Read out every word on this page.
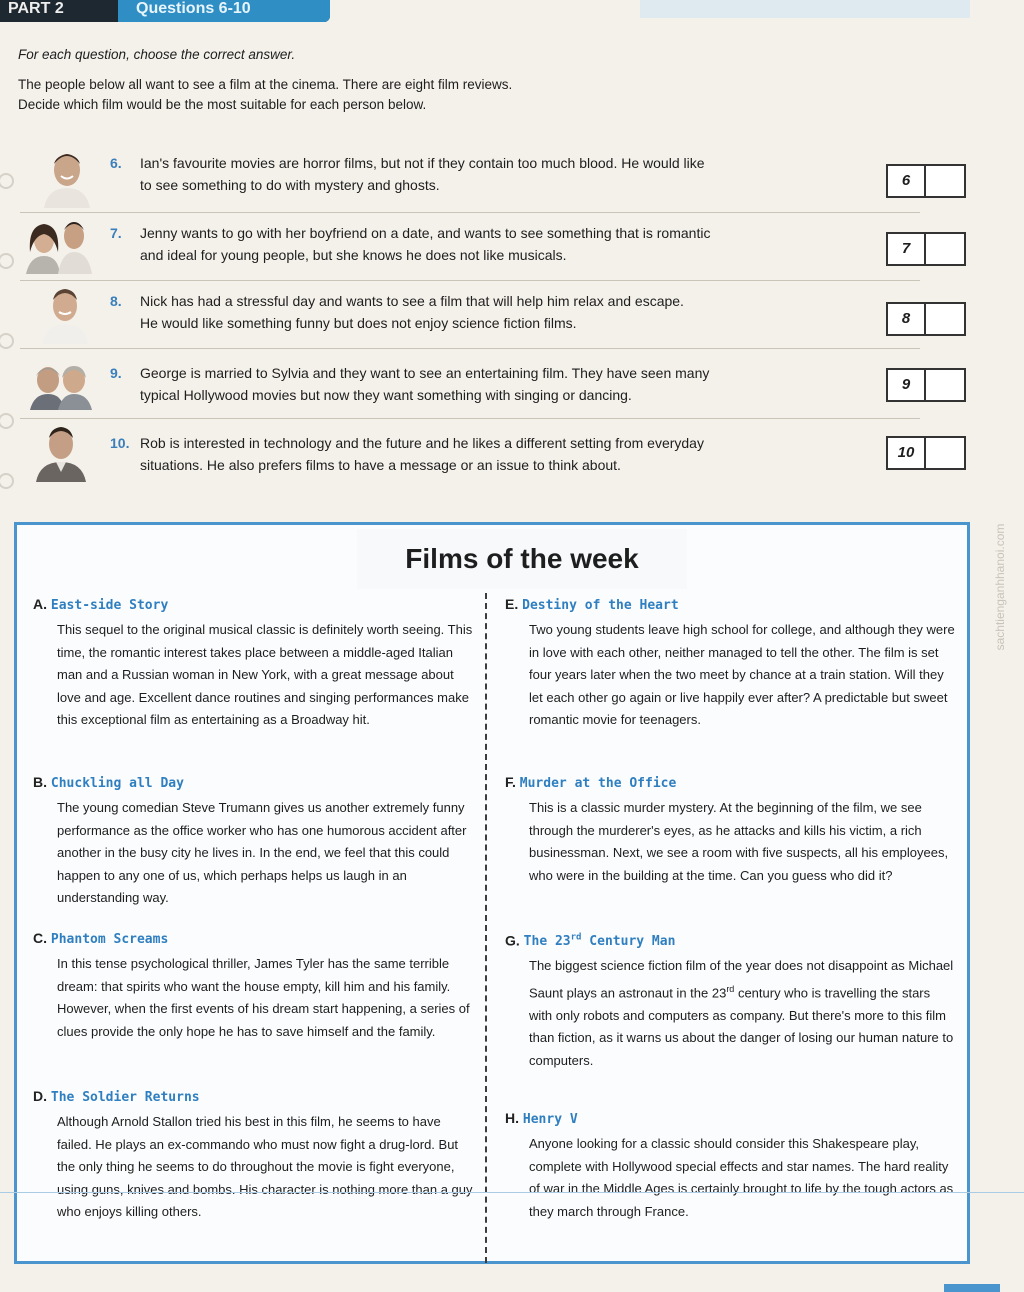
PART 2	Questions 6-10
For each question, choose the correct answer.
The people below all want to see a film at the cinema. There are eight film reviews.
Decide which film would be the most suitable for each person below.
6. Ian's favourite movies are horror films, but not if they contain too much blood. He would like
to see something to do with mystery and ghosts.	6
7. Jenny wants to go with her boyfriend on a date, and wants to see something that is romantic
and ideal for young people, but she knows he does not like musicals.	7
8. Nick has had a stressful day and wants to see a film that will help him relax and escape.
He would like something funny but does not enjoy science fiction films.	8
9. George is married to Sylvia and they want to see an entertaining film. They have seen many
typical Hollywood movies but now they want something with singing or dancing.
9
10. Rob is interested in technology and the future and he likes a different setting from everyday
situations. He also prefers films to have a message or an issue to think about.
10
Films of the week
A. East-side Story
This sequel to the original musical classic is definitely worth seeing. This time, the romantic interest takes place between a middle-aged Italian man and a Russian woman in New York, with a great message about love and age. Excellent dance routines and singing performances make this exceptional film as entertaining as a Broadway hit.
B. Chuckling all Day
The young comedian Steve Trumann gives us another extremely funny performance as the office worker who has one humorous accident after another in the busy city he lives in. In the end, we feel that this could happen to any one of us, which perhaps helps us laugh in an understanding way.
C. Phantom Screams
In this tense psychological thriller, James Tyler has the same terrible dream: that spirits who want the house empty, kill him and his family. However, when the first events of his dream start happening, a series of clues provide the only hope he has to save himself and the family.
D. The Soldier Returns
Although Arnold Stallon tried his best in this film, he seems to have failed. He plays an ex-commando who must now fight a drug-lord. But the only thing he seems to do throughout the movie is fight everyone, using guns, knives and bombs. His character is nothing more than a guy who enjoys killing others.
E. Destiny of the Heart
Two young students leave high school for college, and although they were in love with each other, neither managed to tell the other. The film is set four years later when the two meet by chance at a train station. Will they let each other go again or live happily ever after? A predictable but sweet romantic movie for teenagers.
F. Murder at the Office
This is a classic murder mystery. At the beginning of the film, we see through the murderer's eyes, as he attacks and kills his victim, a rich businessman. Next, we see a room with five suspects, all his employees, who were in the building at the time. Can you guess who did it?
G. The 23rd Century Man
The biggest science fiction film of the year does not disappoint as Michael Saunt plays an astronaut in the 23rd century who is travelling the stars with only robots and computers as company. But there's more to this film than fiction, as it warns us about the danger of losing our human nature to computers.
H. Henry V
Anyone looking for a classic should consider this Shakespeare play, complete with Hollywood special effects and star names. The hard reality of war in the Middle Ages is certainly brought to life by the tough actors as they march through France.
sachtienganhhanoi.com
